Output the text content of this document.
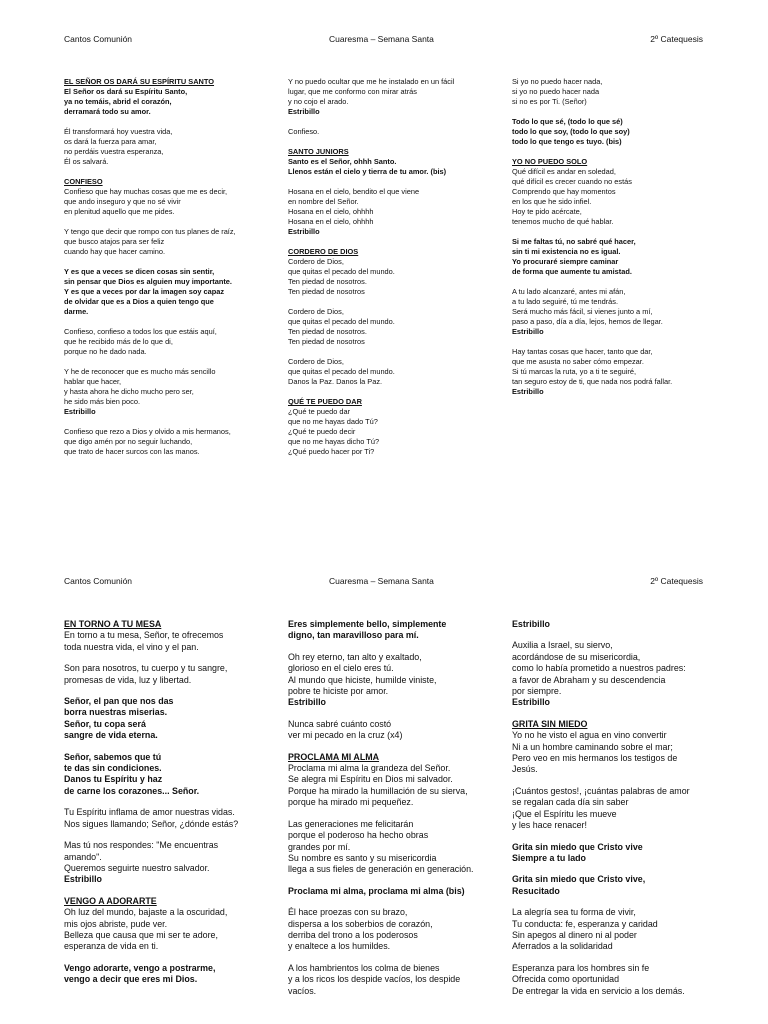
Cantos Comunión	Cuaresma – Semana Santa	2º Catequesis

EL SEÑOR OS DARÁ SU ESPÍRITU SANTO

El Señor os dará su Espíritu Santo,

ya no temáis, abrid el corazón,

derramará todo su amor.

Él transformará hoy vuestra vida,

os dará la fuerza para amar,

no perdáis vuestra esperanza,

Él os salvará.

CONFIESO

Confieso que hay muchas cosas que me es decir,

que ando inseguro y que no sé vivir

en plenitud aquello que me pides.

Y tengo que decir que rompo con tus planes de raíz,

que busco atajos para ser feliz

cuando hay que hacer camino.

Y es que a veces se dicen cosas sin sentir,

sin pensar que Dios es alguien muy importante.

Y es que a veces por dar la imagen soy capaz

de olvidar que es a Dios a quien tengo que

darme.

Confieso, confieso a todos los que estáis aquí,

que he recibido más de lo que di,

porque no he dado nada.

Y he de reconocer que es mucho más sencillo

hablar que hacer,

y hasta ahora he dicho mucho pero ser,

he sido más bien poco.

Estribillo

Confieso que rezo a Dios y olvido a mis hermanos,

que digo amén por no seguir luchando,

que trato de hacer surcos con las manos.

Y no puedo ocultar que me he instalado en un fácil

lugar, que me conformo con mirar atrás

y no cojo el arado.

Estribillo

Confieso.

SANTO JUNIORS

Santo es el Señor, ohhh Santo.

Llenos están el cielo y tierra de tu amor. (bis)

Hosana en el cielo, bendito el que viene

en nombre del Señor.

Hosana en el cielo, ohhhh

Hosana en el cielo, ohhhh

Estribillo

CORDERO DE DIOS

Cordero de Dios,

que quitas el pecado del mundo.

Ten piedad de nosotros.

Ten piedad de nosotros

Cordero de Dios,

que quitas el pecado del mundo.

Ten piedad de nosotros.

Ten piedad de nosotros

Cordero de Dios,

que quitas el pecado del mundo.

Danos la Paz. Danos la Paz.

QUÉ TE PUEDO DAR

¿Qué te puedo dar

que no me hayas dado Tú?

¿Qué te puedo decir

que no me hayas dicho Tú?

¿Qué puedo hacer por Ti?

Si yo no puedo hacer nada,

si yo no puedo hacer nada

si no es por Ti. (Señor)

Todo lo que sé, (todo lo que sé)

todo lo que soy, (todo lo que soy)

todo lo que tengo es tuyo. (bis)

YO NO PUEDO SOLO

Qué difícil es andar en soledad,

qué difícil es crecer cuando no estás

Comprendo que hay momentos

en los que he sido infiel.

Hoy te pido acércate,

tenemos mucho de qué hablar.

Si me faltas tú, no sabré qué hacer,

sin ti mi existencia no es igual.

Yo procuraré siempre caminar

de forma que aumente tu amistad.

A tu lado alcanzaré, antes mi afán,

a tu lado seguiré, tú me tendrás.

Será mucho más fácil, si vienes junto a mí,

paso a paso, día a día, lejos, hemos de llegar.

Estribillo

Hay tantas cosas que hacer, tanto que dar,

que me asusta no saber cómo empezar.

Si tú marcas la ruta, yo a ti te seguiré,

tan seguro estoy de ti, que nada nos podrá fallar.

Estribillo

Cantos Comunión	Cuaresma – Semana Santa	2º Catequesis

EN TORNO A TU MESA

En torno a tu mesa, Señor, te ofrecemos

toda nuestra vida, el vino y el pan.

Son para nosotros, tu cuerpo y tu sangre,

promesas de vida, luz y libertad.

Señor, el pan que nos das

borra nuestras miserias.

Señor, tu copa será

sangre de vida eterna.

Señor, sabemos que tú

te das sin condiciones.

Danos tu Espíritu y haz

de carne los corazones... Señor.

Tu Espíritu inflama de amor nuestras vidas.

Nos sigues llamando; Señor, ¿dónde estás?

Mas tú nos respondes: "Me encuentras

amando".

Queremos seguirte nuestro salvador.

Estribillo

VENGO A ADORARTE

Oh luz del mundo, bajaste a la oscuridad,

mis ojos abriste, pude ver.

Belleza que causa que mi ser te adore,

esperanza de vida en ti.

Vengo adorarte, vengo a postrarme,

vengo a decir que eres mi Dios.

Eres simplemente bello, simplemente

digno, tan maravilloso para mí.

Oh rey eterno, tan alto y exaltado,

glorioso en el cielo eres tú.

Al mundo que hiciste, humilde viniste,

pobre te hiciste por amor.

Estribillo

Nunca sabré cuánto costó

ver mi pecado en la cruz (x4)

PROCLAMA MI ALMA

Proclama mi alma la grandeza del Señor.

Se alegra mi Espíritu en Dios mi salvador.

Porque ha mirado la humillación de su sierva,

porque ha mirado mi pequeñez.

Las generaciones me felicitarán

porque el poderoso ha hecho obras

grandes por mí.

Su nombre es santo y su misericordia

llega a sus fieles de generación en generación.

Proclama mi alma, proclama mi alma (bis)

Él hace proezas con su brazo,

dispersa a los soberbios de corazón,

derriba del trono a los poderosos

y enaltece a los humildes.

A los hambrientos los colma de bienes

y a los ricos los despide vacíos, los despide

vacíos.

Estribillo

Auxilia a Israel, su siervo,

acordándose de su misericordia,

como lo había prometido a nuestros padres:

a favor de Abraham y su descendencia

por siempre.

Estribillo

GRITA SIN MIEDO

Yo no he visto el agua en vino convertir

Ni a un hombre caminando sobre el mar;

Pero veo en mis hermanos los testigos de

Jesús.

¡Cuántos gestos!, ¡cuántas palabras de amor

se regalan cada día sin saber

¡Que el Espíritu les mueve

y les hace renacer!

Grita sin miedo que Cristo vive

Siempre a tu lado

Grita sin miedo que Cristo vive,

Resucitado

La alegría sea tu forma de vivir,

Tu conducta: fe, esperanza y caridad

Sin apegos al dinero ni al poder

Aferrados a la solidaridad

Esperanza para los hombres sin fe

Ofrecida como oportunidad

De entregar la vida en servicio a los demás.
